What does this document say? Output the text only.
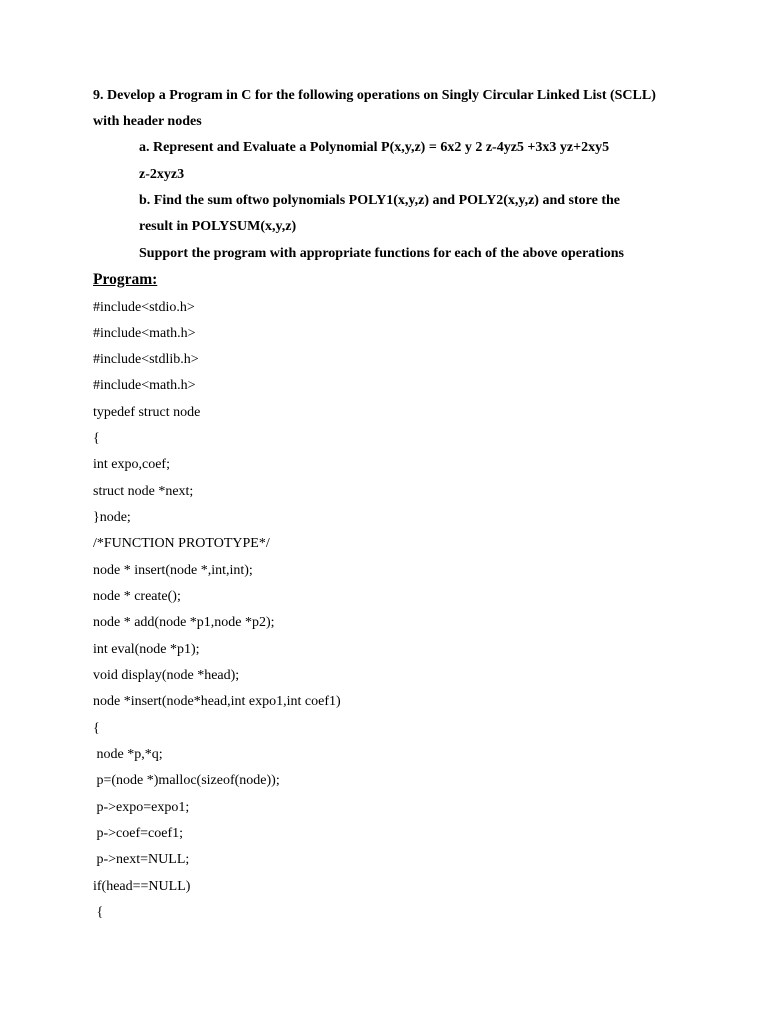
9. Develop a Program in C for the following operations on Singly Circular Linked List (SCLL)
with header nodes
a. Represent and Evaluate a Polynomial P(x,y,z) = 6x2 y 2 z-4yz5 +3x3 yz+2xy5
z-2xyz3
b. Find the sum oftwo polynomials POLY1(x,y,z) and POLY2(x,y,z) and store the
result in POLYSUM(x,y,z)
Support the program with appropriate functions for each of the above operations
Program:
#include<stdio.h>
#include<math.h>
#include<stdlib.h>
#include<math.h>
typedef struct node
{
int expo,coef;
struct node *next;
}node;
/*FUNCTION PROTOTYPE*/
node * insert(node *,int,int);
node * create();
node * add(node *p1,node *p2);
int eval(node *p1);
void display(node *head);
node *insert(node*head,int expo1,int coef1)
{
node *p,*q;
p=(node *)malloc(sizeof(node));
p->expo=expo1;
p->coef=coef1;
p->next=NULL;
if(head==NULL)
{
